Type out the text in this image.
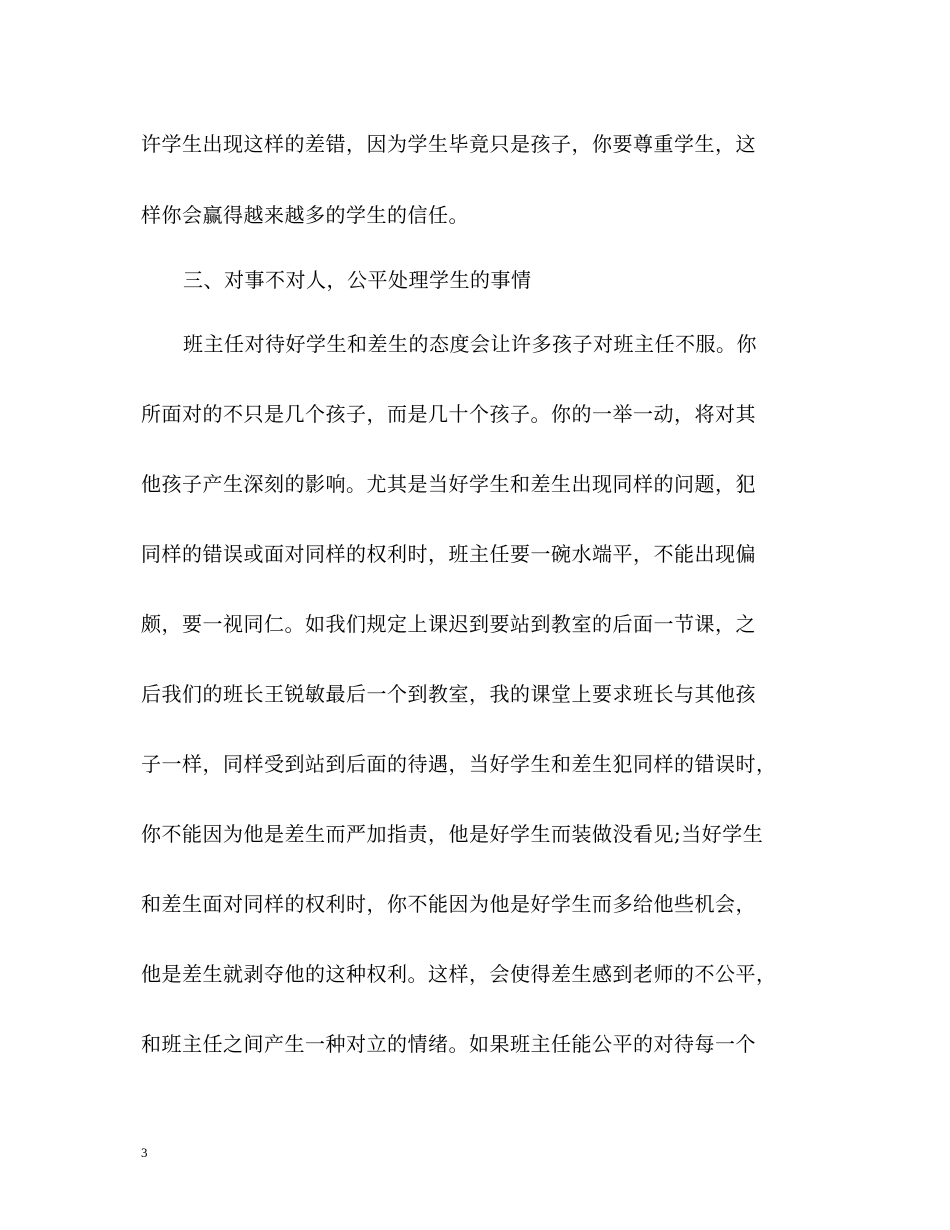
许学生出现这样的差错，因为学生毕竟只是孩子，你要尊重学生，这
样你会赢得越来越多的学生的信任。
三、对事不对人，公平处理学生的事情
班主任对待好学生和差生的态度会让许多孩子对班主任不服。你
所面对的不只是几个孩子，而是几十个孩子。你的一举一动，将对其
他孩子产生深刻的影响。尤其是当好学生和差生出现同样的问题，犯
同样的错误或面对同样的权利时，班主任要一碗水端平，不能出现偏
颇，要一视同仁。如我们规定上课迟到要站到教室的后面一节课，之
后我们的班长王锐敏最后一个到教室，我的课堂上要求班长与其他孩
子一样，同样受到站到后面的待遇，当好学生和差生犯同样的错误时，
你不能因为他是差生而严加指责，他是好学生而装做没看见;当好学生
和差生面对同样的权利时，你不能因为他是好学生而多给他些机会，
他是差生就剥夺他的这种权利。这样，会使得差生感到老师的不公平，
和班主任之间产生一种对立的情绪。如果班主任能公平的对待每一个
3
